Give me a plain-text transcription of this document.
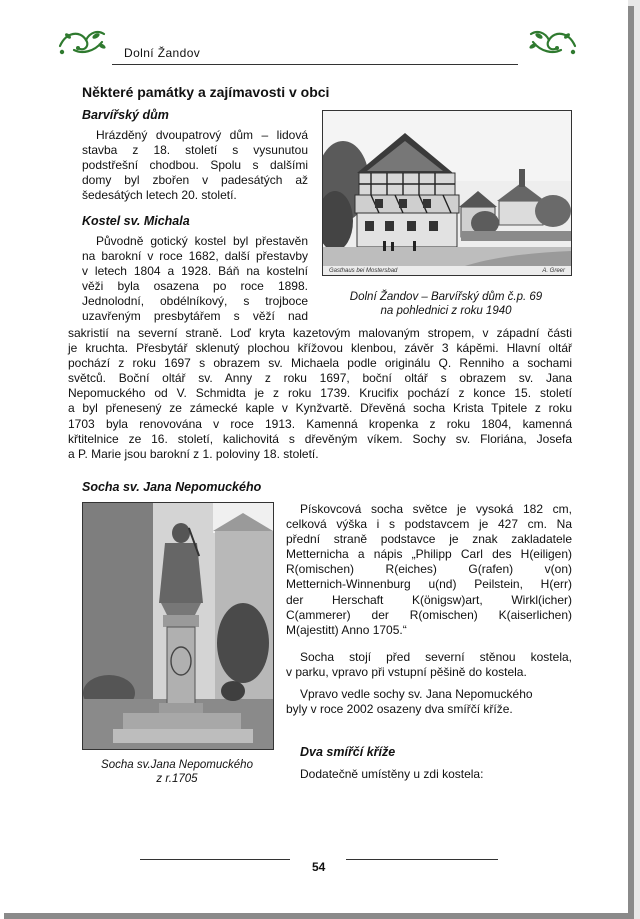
Dolní Žandov
Některé památky a zajímavosti v obci
Barvířský dům
Hrázděný dvoupatrový dům – lidová
stavba z 18. století s vysunutou
podstřešní chodbou. Spolu s dalšími
domy byl zbořen v padesátých až
šedesátých letech 20. století.
Gasthaus bei Mostersbad	A. Greer
Dolní Žandov – Barvířský dům č.p. 69
na pohlednici z roku 1940
Kostel sv. Michala
Původně gotický kostel byl přestavěn
na barokní v roce 1682, další přestavby
v letech 1804 a 1928. Báň na kostelní
věži byla osazena po roce 1898.
Jednolodní, obdélníkový, s trojboce
uzavřeným presbytářem s věží nad
sakristií na severní straně. Loď kryta kazetovým malovaným stropem, v západní části
je kruchta. Přesbytář sklenutý plochou křížovou klenbou, závěr 3 kápěmi. Hlavní oltář
pochází z roku 1697 s obrazem sv. Michaela podle originálu Q. Renniho a sochami
světců. Boční oltář sv. Anny z roku 1697, boční oltář s obrazem sv. Jana
Nepomuckého od V. Schmidta je z roku 1739. Krucifix pochází z konce 15. století
a byl přenesený ze zámecké kaple v Kynžvartě. Dřevěná socha Krista Tpitele z roku
1703 byla renovována v roce 1913. Kamenná kropenka z roku 1804, kamenná
křtitelnice ze 16. století, kalichovitá s dřevěným víkem. Sochy sv. Floriána, Josefa
a P. Marie jsou barokní z 1. poloviny 18. století.
Socha sv. Jana Nepomuckého
Socha sv.Jana Nepomuckého
z r.1705
Pískovcová socha světce je vysoká 182 cm,
celková výška i s podstavcem je 427 cm. Na
přední straně podstavce je znak zakladatele
Metternicha a nápis „Philipp Carl des H(eiligen)
R(omischen) R(eiches) G(rafen) v(on)
Metternich-Winnenburg u(nd) Peilstein, H(err)
der Herschaft K(önigsw)art, Wirkl(icher)
C(ammerer) der R(omischen) K(aiserlichen)
M(ajestitt) Anno 1705.“
Socha stojí před severní stěnou kostela,
v parku, vpravo při vstupní pěšině do kostela.
Vpravo vedle sochy sv. Jana Nepomuckého
byly v roce 2002 osazeny dva smířčí kříže.
Dva smířčí kříže
Dodatečně umístěny u zdi kostela:
54
